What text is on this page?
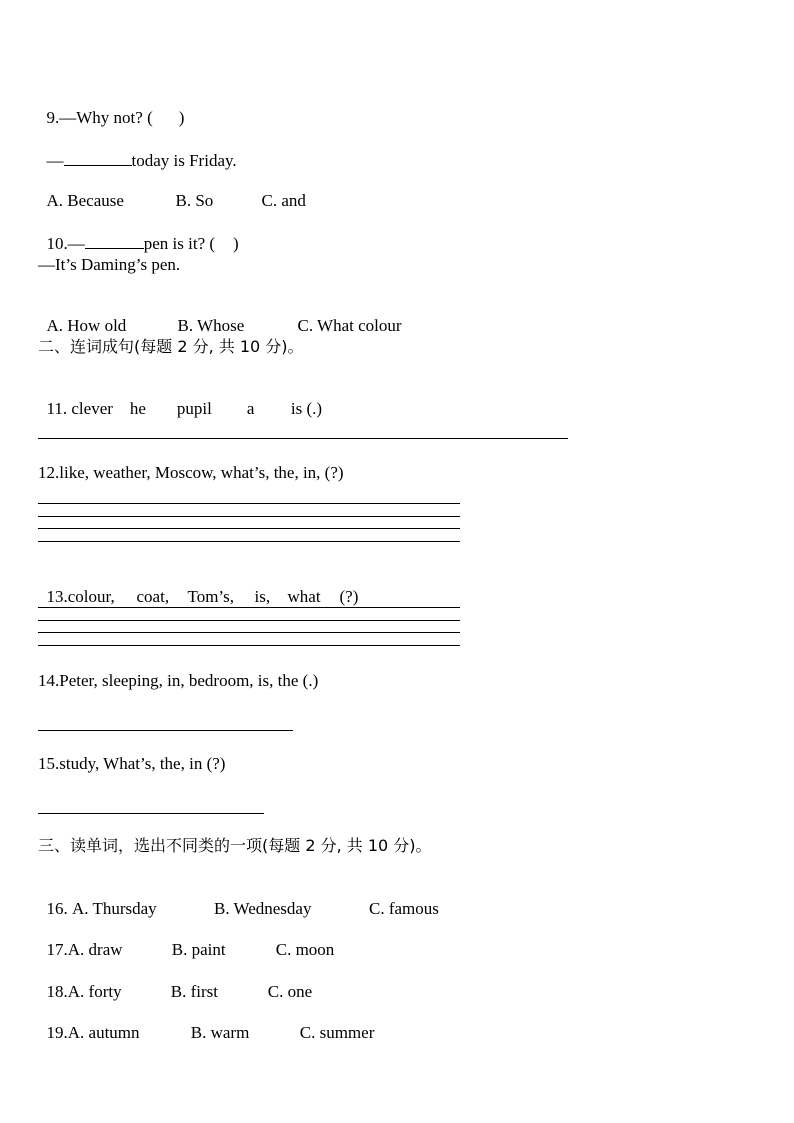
9.—Why not? ( )

—	today is Friday.

A. Because	B. So	C. and

10.—	pen is it? ( )

—It’s Daming’s pen.

A. How old	B. Whose	C. What colour

二、连词成句(每题 2 分, 共 10 分)。

11. clever he pupil a is (.)

12.like, weather, Moscow, what’s, the, in, (?)

13.colour, coat, Tom’s, is, what (?)

14.Peter, sleeping, in, bedroom, is, the (.)
15.study, What’s, the, in (?)
三、读单词，选出不同类的一项(每题 2 分, 共 10 分)。

16. A. Thursday	B. Wednesday	C. famous

17.A. draw	B. paint	C. moon

18.A. forty	B. first	C. one

19.A. autumn	B. warm	C. summer
